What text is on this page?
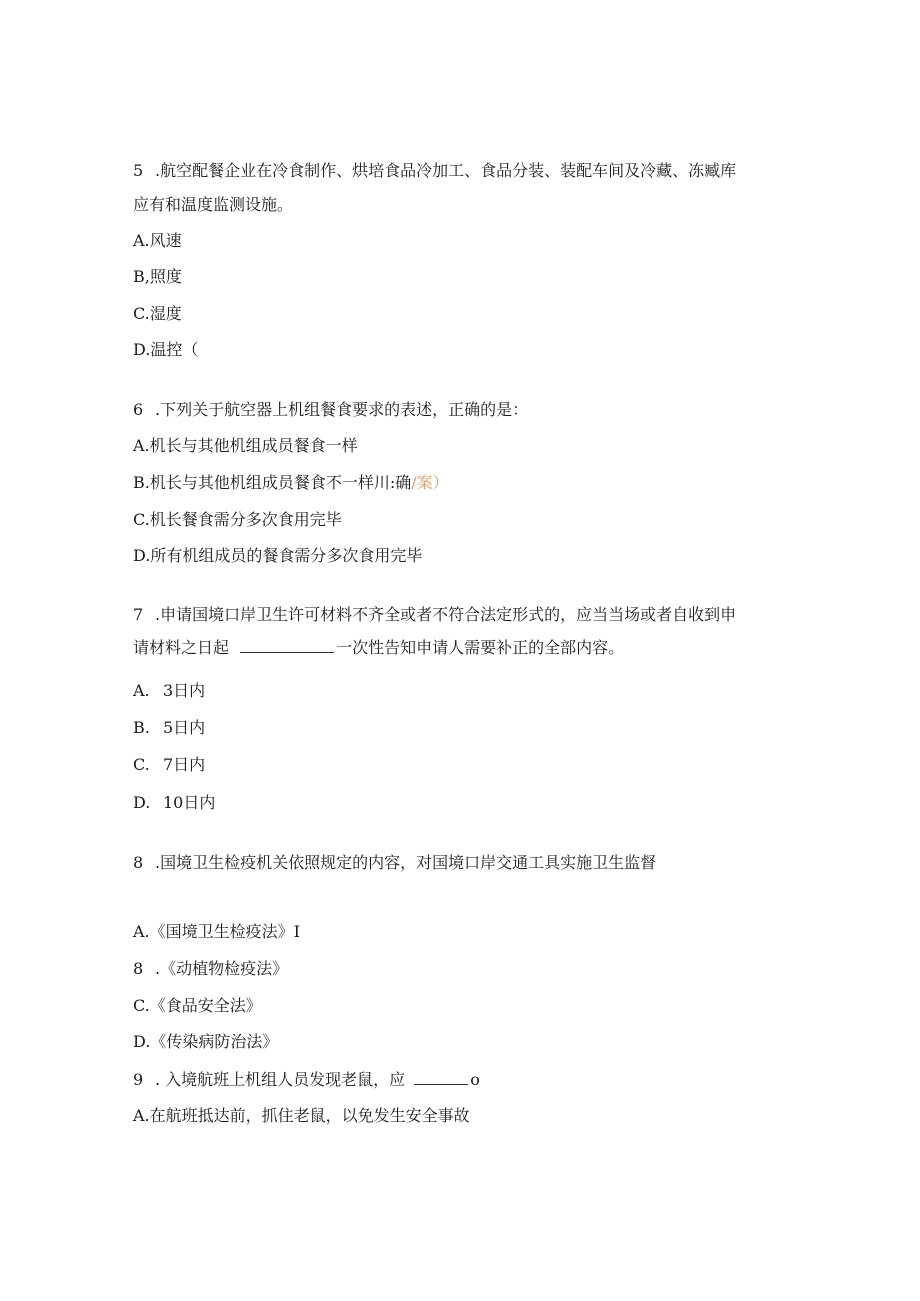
5 .航空配餐企业在冷食制作、烘培食品冷加工、食品分装、装配车间及冷藏、冻臧库
应有和温度监测设施。
A.风速
B,照度
C.湿度
D.温控（
6 .下列关于航空器上机组餐食要求的表述，正确的是：
A.机长与其他机组成员餐食一样
B.机长与其他机组成员餐食不一样川:确/案）
C.机长餐食需分多次食用完毕
D.所有机组成员的餐食需分多次食用完毕
7 .申请国境口岸卫生许可材料不齐全或者不符合法定形式的，应当当场或者自收到申
请材料之日起	一次性告知申请人需要补正的全部内容。
A. 3日内
B. 5日内
C. 7日内
D. 10日内
8 .国境卫生检疫机关依照规定的内容，对国境口岸交通工具实施卫生监督
A.《国境卫生检疫法》I
8 .《动植物检疫法》
C.《食品安全法》
D.《传染病防治法》
9 . 入境航班上机组人员发现老鼠，应	o
A.在航班抵达前，抓住老鼠，以免发生安全事故
